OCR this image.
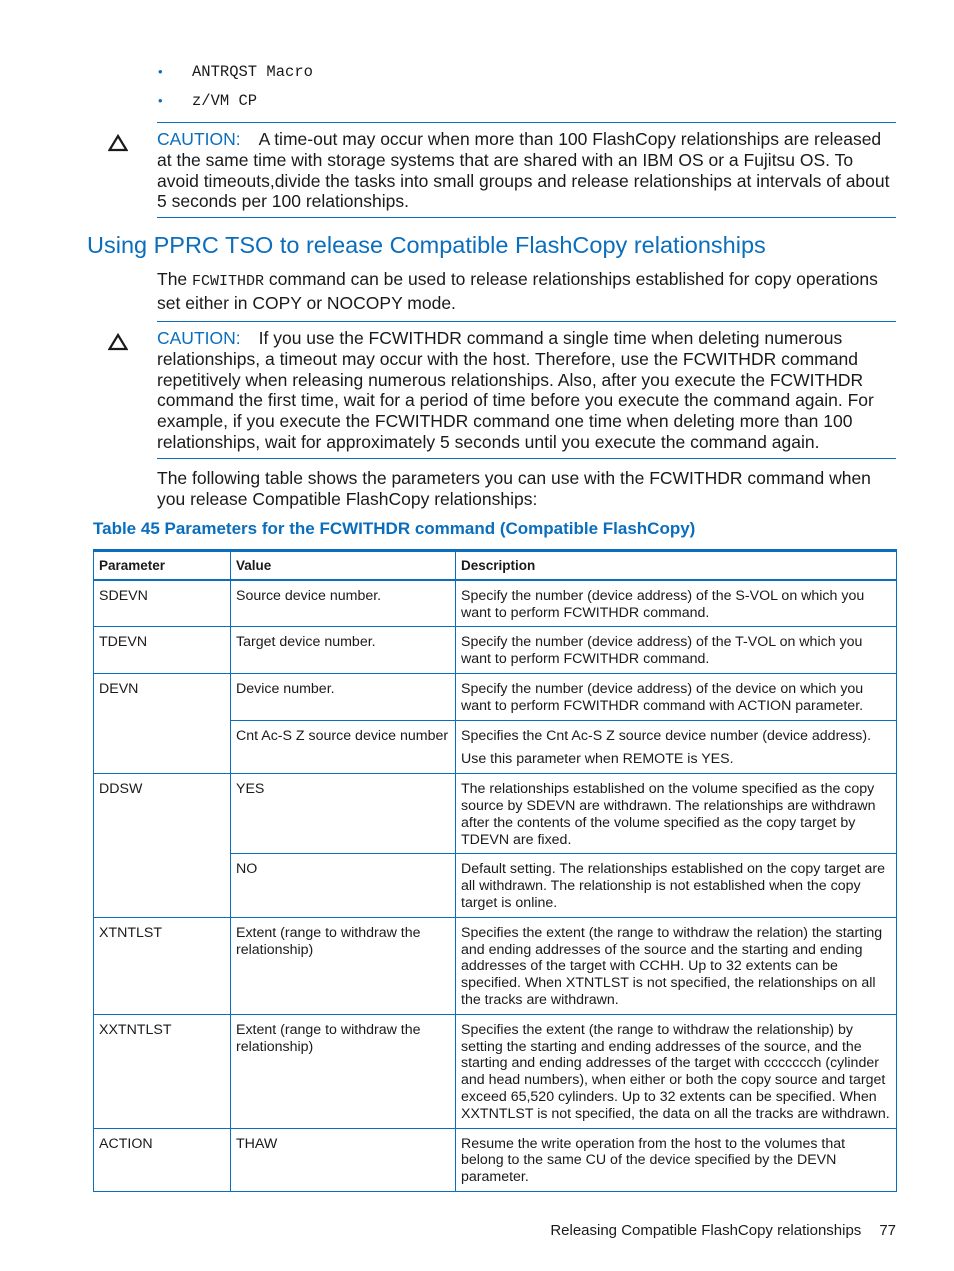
• ANTRQST Macro
• z/VM CP
CAUTION: A time-out may occur when more than 100 FlashCopy relationships are released at the same time with storage systems that are shared with an IBM OS or a Fujitsu OS. To avoid timeouts,divide the tasks into small groups and release relationships at intervals of about 5 seconds per 100 relationships.
Using PPRC TSO to release Compatible FlashCopy relationships
The FCWITHDR command can be used to release relationships established for copy operations set either in COPY or NOCOPY mode.
CAUTION: If you use the FCWITHDR command a single time when deleting numerous relationships, a timeout may occur with the host. Therefore, use the FCWITHDR command repetitively when releasing numerous relationships. Also, after you execute the FCWITHDR command the first time, wait for a period of time before you execute the command again. For example, if you execute the FCWITHDR command one time when deleting more than 100 relationships, wait for approximately 5 seconds until you execute the command again.
The following table shows the parameters you can use with the FCWITHDR command when you release Compatible FlashCopy relationships:
Table 45 Parameters for the FCWITHDR command (Compatible FlashCopy)
Parameter	Value	Description
SDEVN	Source device number.	Specify the number (device address) of the S-VOL on which you want to perform FCWITHDR command.
TDEVN	Target device number.	Specify the number (device address) of the T-VOL on which you want to perform FCWITHDR command.
DEVN	Device number.	Specify the number (device address) of the device on which you want to perform FCWITHDR command with ACTION parameter.
	Cnt Ac-S Z source device number	Specifies the Cnt Ac-S Z source device number (device address).

Use this parameter when REMOTE is YES.

DDSW	YES	The relationships established on the volume specified as the copy source by SDEVN are withdrawn. The relationships are withdrawn after the contents of the volume specified as the copy target by TDEVN are fixed.
	NO	Default setting. The relationships established on the copy target are all withdrawn. The relationship is not established when the copy target is online.
XTNTLST	Extent (range to withdraw the relationship)	Specifies the extent (the range to withdraw the relation) the starting and ending addresses of the source and the starting and ending addresses of the target with CCHH. Up to 32 extents can be specified. When XTNTLST is not specified, the relationships on all the tracks are withdrawn.
XXTNTLST	Extent (range to withdraw the relationship)	Specifies the extent (the range to withdraw the relationship) by setting the starting and ending addresses of the source, and the starting and ending addresses of the target with ccccccch (cylinder and head numbers), when either or both the copy source and target exceed 65,520 cylinders. Up to 32 extents can be specified. When XXTNTLST is not specified, the data on all the tracks are withdrawn.
ACTION	THAW	Resume the write operation from the host to the volumes that belong to the same CU of the device specified by the DEVN parameter.
Releasing Compatible FlashCopy relationships 77
